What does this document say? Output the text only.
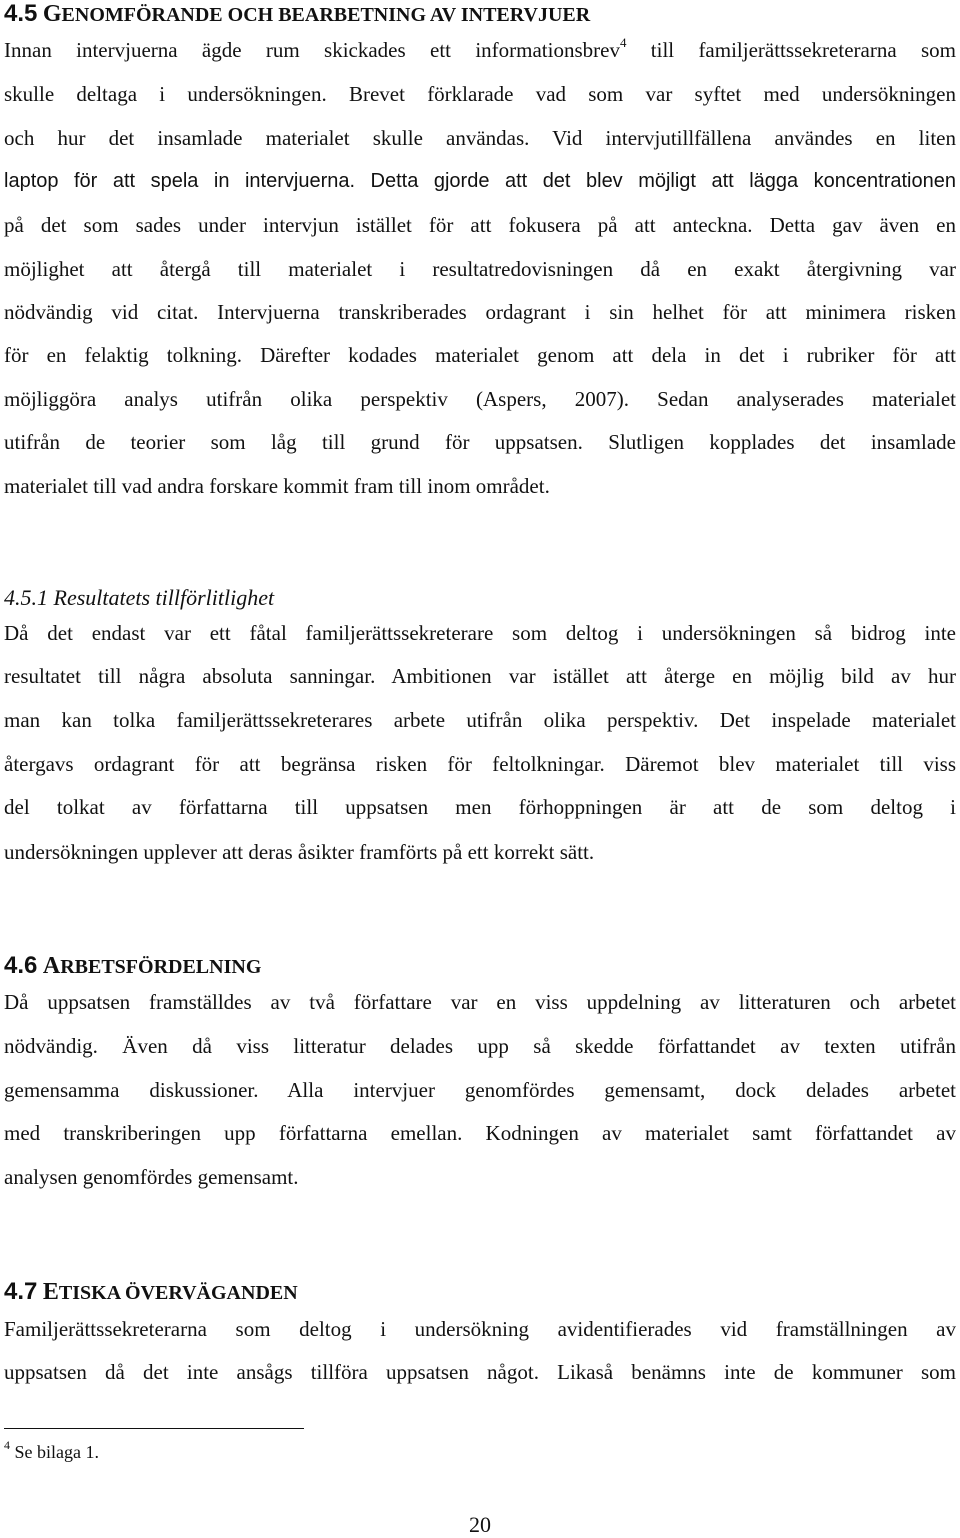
4.5 GENOMFÖRANDE OCH BEARBETNING AV INTERVJUER
Innan intervjuerna ägde rum skickades ett informationsbrev$^4$ till familjerättssekreterarna som
skulle deltaga i undersökningen. Brevet förklarade vad som var syftet med undersökningen
och hur det insamlade materialet skulle användas. Vid intervjutillfällena användes en liten
laptop för att spela in intervjuerna. Detta gjorde att det blev möjligt att lägga koncentrationen
på det som sades under intervjun istället för att fokusera på att anteckna. Detta gav även en
möjlighet att återgå till materialet i resultatredovisningen då en exakt återgivning var
nödvändig vid citat. Intervjuerna transkriberades ordagrant i sin helhet för att minimera risken
för en felaktig tolkning. Därefter kodades materialet genom att dela in det i rubriker för att
möjliggöra analys utifrån olika perspektiv (Aspers, 2007). Sedan analyserades materialet
utifrån de teorier som låg till grund för uppsatsen. Slutligen kopplades det insamlade
materialet till vad andra forskare kommit fram till inom området.
4.5.1 Resultatets tillförlitlighet
Då det endast var ett fåtal familjerättssekreterare som deltog i undersökningen så bidrog inte
resultatet till några absoluta sanningar. Ambitionen var istället att återge en möjlig bild av hur
man kan tolka familjerättssekreterares arbete utifrån olika perspektiv. Det inspelade materialet
återgavs ordagrant för att begränsa risken för feltolkningar. Däremot blev materialet till viss
del tolkat av författarna till uppsatsen men förhoppningen är att de som deltog i
undersökningen upplever att deras åsikter framförts på ett korrekt sätt.
4.6 ARBETSFÖRDELNING
Då uppsatsen framställdes av två författare var en viss uppdelning av litteraturen och arbetet
nödvändig. Även då viss litteratur delades upp så skedde författandet av texten utifrån
gemensamma diskussioner. Alla intervjuer genomfördes gemensamt, dock delades arbetet
med transkriberingen upp författarna emellan. Kodningen av materialet samt författandet av
analysen genomfördes gemensamt.
4.7 ETISKA ÖVERVÄGANDEN
Familjerättssekreterarna som deltog i undersökning avidentifierades vid framställningen av
uppsatsen då det inte ansågs tillföra uppsatsen något. Likaså benämns inte de kommuner som
$^4$ Se bilaga 1.
20
